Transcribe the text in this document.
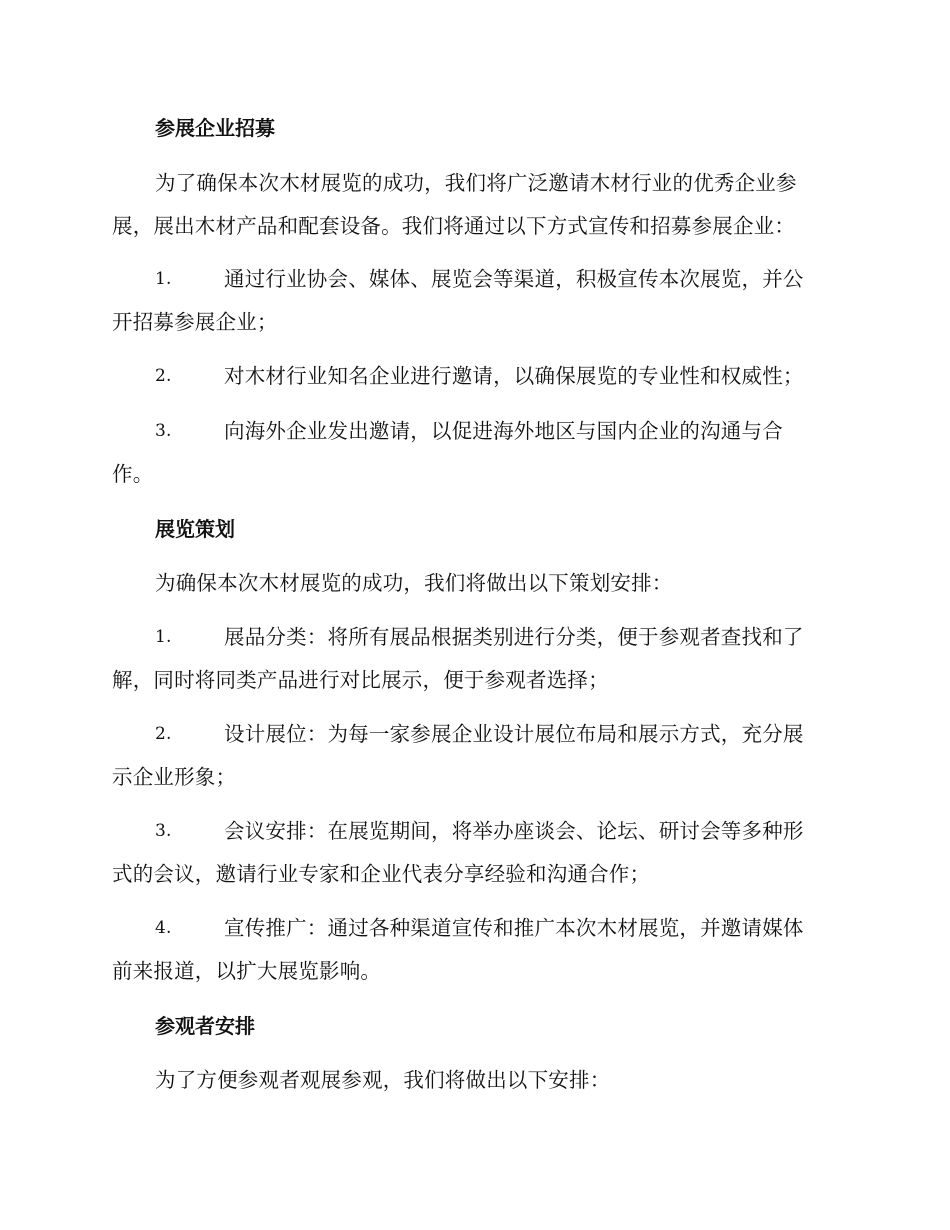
参展企业招募
为了确保本次木材展览的成功，我们将广泛邀请木材行业的优秀企业参
展，展出木材产品和配套设备。我们将通过以下方式宣传和招募参展企业：
1.	通过行业协会、媒体、展览会等渠道，积极宣传本次展览，并公
开招募参展企业；
2.	对木材行业知名企业进行邀请，以确保展览的专业性和权威性；
3.	向海外企业发出邀请，以促进海外地区与国内企业的沟通与合
作。
展览策划
为确保本次木材展览的成功，我们将做出以下策划安排：
1.	展品分类：将所有展品根据类别进行分类，便于参观者查找和了
解，同时将同类产品进行对比展示，便于参观者选择；
2.	设计展位：为每一家参展企业设计展位布局和展示方式，充分展
示企业形象；
3.	会议安排：在展览期间，将举办座谈会、论坛、研讨会等多种形
式的会议，邀请行业专家和企业代表分享经验和沟通合作；
4.	宣传推广：通过各种渠道宣传和推广本次木材展览，并邀请媒体
前来报道，以扩大展览影响。
参观者安排
为了方便参观者观展参观，我们将做出以下安排：
